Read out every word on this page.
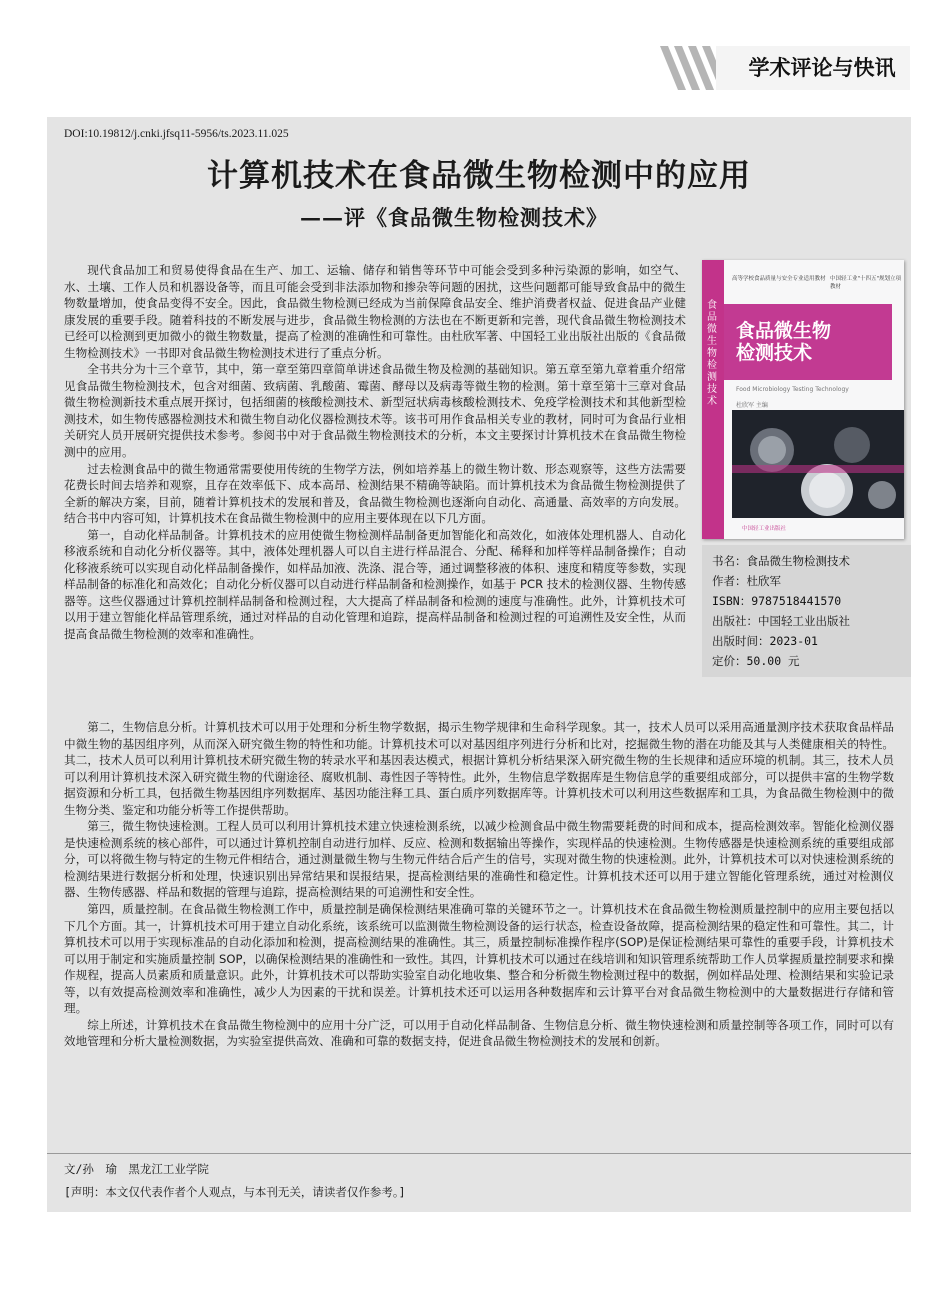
学术评论与快讯
DOI:10.19812/j.cnki.jfsq11-5956/ts.2023.11.025
计算机技术在食品微生物检测中的应用
——评《食品微生物检测技术》

现代食品加工和贸易使得食品在生产、加工、运输、储存和销售等环节中可能会受到多种污染源的影响，如空气、水、土壤、工作人员和机器设备等，而且可能会受到非法添加物和掺杂等问题的困扰，这些问题都可能导致食品中的微生物数量增加，使食品变得不安全。因此，食品微生物检测已经成为当前保障食品安全、维护消费者权益、促进食品产业健康发展的重要手段。随着科技的不断发展与进步，食品微生物检测的方法也在不断更新和完善，现代食品微生物检测技术已经可以检测到更加微小的微生物数量，提高了检测的准确性和可靠性。由杜欣军著、中国轻工业出版社出版的《食品微生物检测技术》一书即对食品微生物检测技术进行了重点分析。

全书共分为十三个章节，其中，第一章至第四章简单讲述食品微生物及检测的基础知识。第五章至第九章着重介绍常见食品微生物检测技术，包含对细菌、致病菌、乳酸菌、霉菌、酵母以及病毒等微生物的检测。第十章至第十三章对食品微生物检测新技术重点展开探讨，包括细菌的核酸检测技术、新型冠状病毒核酸检测技术、免疫学检测技术和其他新型检测技术，如生物传感器检测技术和微生物自动化仪器检测技术等。该书可用作食品相关专业的教材，同时可为食品行业相关研究人员开展研究提供技术参考。参阅书中对于食品微生物检测技术的分析，本文主要探讨计算机技术在食品微生物检测中的应用。

过去检测食品中的微生物通常需要使用传统的生物学方法，例如培养基上的微生物计数、形态观察等，这些方法需要花费长时间去培养和观察，且存在效率低下、成本高昂、检测结果不精确等缺陷。而计算机技术为食品微生物检测提供了全新的解决方案，目前，随着计算机技术的发展和普及，食品微生物检测也逐渐向自动化、高通量、高效率的方向发展。结合书中内容可知，计算机技术在食品微生物检测中的应用主要体现在以下几方面。

第一，自动化样品制备。计算机技术的应用使微生物检测样品制备更加智能化和高效化，如液体处理机器人、自动化移液系统和自动化分析仪器等。其中，液体处理机器人可以自主进行样品混合、分配、稀释和加样等样品制备操作；自动化移液系统可以实现自动化样品制备操作，如样品加液、洗涤、混合等，通过调整移液的体积、速度和精度等参数，实现样品制备的标准化和高效化；自动化分析仪器可以自动进行样品制备和检测操作，如基于 PCR 技术的检测仪器、生物传感器等。这些仪器通过计算机控制样品制备和检测过程，大大提高了样品制备和检测的速度与准确性。此外，计算机技术可以用于建立智能化样品管理系统，通过对样品的自动化管理和追踪，提高样品制备和检测过程的可追溯性及安全性，从而提高食品微生物检测的效率和准确性。

食品微生物检测技术
高等学校食品质量与安全专业适用教材 中国轻工业"十四五"规划立项教材
食品微生物
检测技术
Food Microbiology Testing Technology
杜欣军 主编
中国轻工业出版社
书名：食品微生物检测技术
作者：杜欣军
ISBN：9787518441570
出版社：中国轻工业出版社
出版时间：2023-01
定价：50.00 元

第二，生物信息分析。计算机技术可以用于处理和分析生物学数据，揭示生物学规律和生命科学现象。其一，技术人员可以采用高通量测序技术获取食品样品中微生物的基因组序列，从而深入研究微生物的特性和功能。计算机技术可以对基因组序列进行分析和比对，挖掘微生物的潜在功能及其与人类健康相关的特性。其二，技术人员可以利用计算机技术研究微生物的转录水平和基因表达模式，根据计算机分析结果深入研究微生物的生长规律和适应环境的机制。其三，技术人员可以利用计算机技术深入研究微生物的代谢途径、腐败机制、毒性因子等特性。此外，生物信息学数据库是生物信息学的重要组成部分，可以提供丰富的生物学数据资源和分析工具，包括微生物基因组序列数据库、基因功能注释工具、蛋白质序列数据库等。计算机技术可以利用这些数据库和工具，为食品微生物检测中的微生物分类、鉴定和功能分析等工作提供帮助。

第三，微生物快速检测。工程人员可以利用计算机技术建立快速检测系统，以减少检测食品中微生物需要耗费的时间和成本，提高检测效率。智能化检测仪器是快速检测系统的核心部件，可以通过计算机控制自动进行加样、反应、检测和数据输出等操作，实现样品的快速检测。生物传感器是快速检测系统的重要组成部分，可以将微生物与特定的生物元件相结合，通过测量微生物与生物元件结合后产生的信号，实现对微生物的快速检测。此外，计算机技术可以对快速检测系统的检测结果进行数据分析和处理，快速识别出异常结果和误报结果，提高检测结果的准确性和稳定性。计算机技术还可以用于建立智能化管理系统，通过对检测仪器、生物传感器、样品和数据的管理与追踪，提高检测结果的可追溯性和安全性。

第四，质量控制。在食品微生物检测工作中，质量控制是确保检测结果准确可靠的关键环节之一。计算机技术在食品微生物检测质量控制中的应用主要包括以下几个方面。其一，计算机技术可用于建立自动化系统，该系统可以监测微生物检测设备的运行状态，检查设备故障，提高检测结果的稳定性和可靠性。其二，计算机技术可以用于实现标准品的自动化添加和检测，提高检测结果的准确性。其三，质量控制标准操作程序(SOP)是保证检测结果可靠性的重要手段，计算机技术可以用于制定和实施质量控制 SOP，以确保检测结果的准确性和一致性。其四，计算机技术可以通过在线培训和知识管理系统帮助工作人员掌握质量控制要求和操作规程，提高人员素质和质量意识。此外，计算机技术可以帮助实验室自动化地收集、整合和分析微生物检测过程中的数据，例如样品处理、检测结果和实验记录等，以有效提高检测效率和准确性，减少人为因素的干扰和误差。计算机技术还可以运用各种数据库和云计算平台对食品微生物检测中的大量数据进行存储和管理。

综上所述，计算机技术在食品微生物检测中的应用十分广泛，可以用于自动化样品制备、生物信息分析、微生物快速检测和质量控制等各项工作，同时可以有效地管理和分析大量检测数据，为实验室提供高效、准确和可靠的数据支持，促进食品微生物检测技术的发展和创新。

文/孙　瑜　黑龙江工业学院
[声明：本文仅代表作者个人观点，与本刊无关，请读者仅作参考。]
